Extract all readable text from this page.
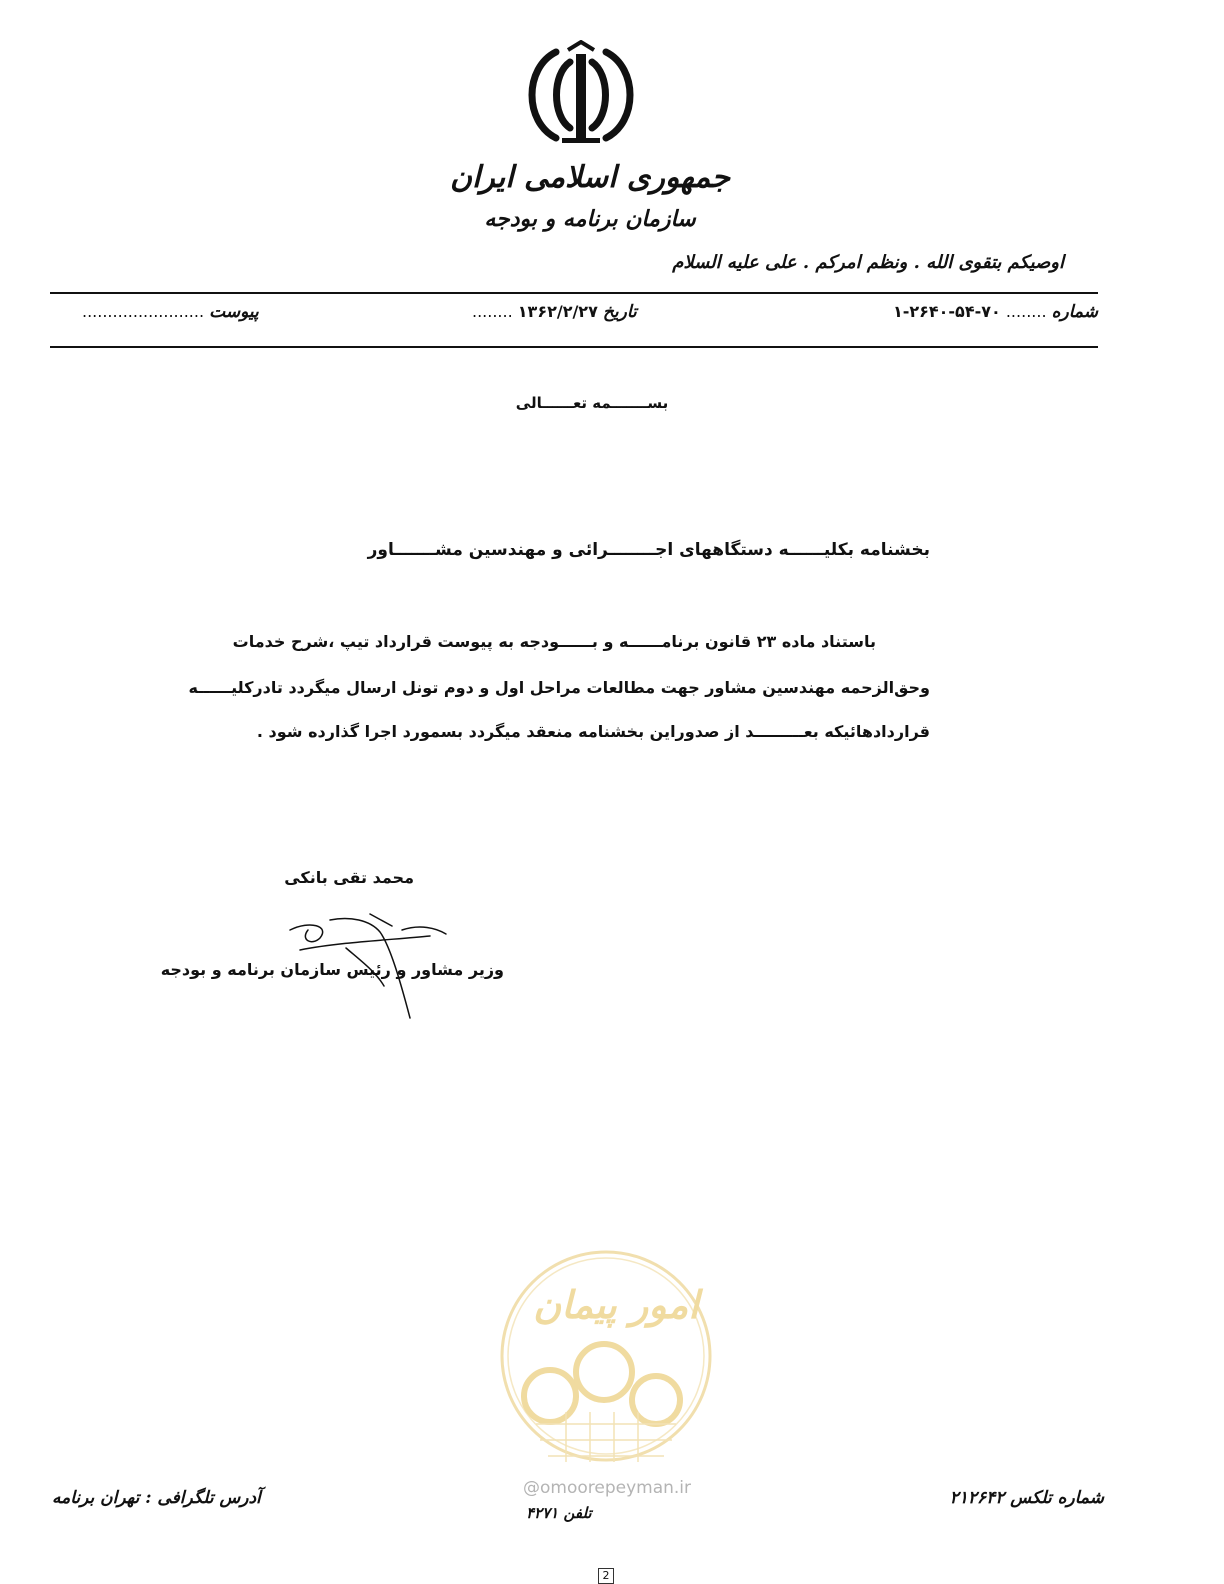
جمهوری اسلامی ایران
سازمان برنامه و بودجه
اوصیکم بتقوی الله . ونظم امرکم . علی علیه السلام
شماره ........ ۷۰-۵۴-۲۶۴۰-۱
تاریخ ۱۳۶۲/۲/۲۷ ........
پیوست ........................
بســـــــمه تعــــــالی
بخشنامه بکلیــــــه دستگاههای اجــــــــرائی و مهندسین مشـــــــاور
باستناد ماده ۲۳ قانون برنامــــــه و بــــــودجه به پیوست قرارداد تیپ ،شرح خدمات
وحق‌الزحمه مهندسین مشاور جهت مطالعات مراحل اول و دوم تونل ارسال میگردد تادرکلیــــــه
قراردادهائیکه بعـــــــــد از صدوراین بخشنامه منعقد میگردد بسمورد اجرا گذارده شود .
محمد تقی بانکی
وزیر مشاور و رئیس سازمان برنامه و بودجه
امور پیمان
@omoorepeyman.ir
آدرس تلگرافی : تهران برنامه
تلفن ۴۲۷۱
شماره تلکس ۲۱۲۶۴۲
2
